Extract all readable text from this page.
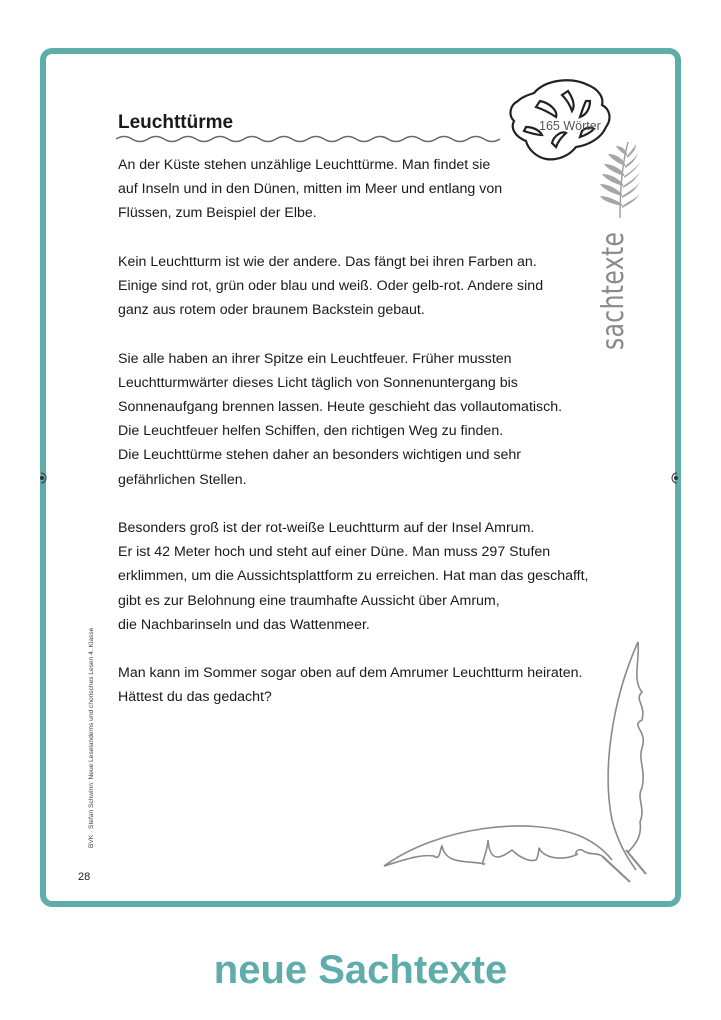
Leuchttürme	165 Wörter
sachtexte

An der Küste stehen unzählige Leuchttürme. Man findet sie
auf Inseln und in den Dünen, mitten im Meer und entlang von
Flüssen, zum Beispiel der Elbe.

Kein Leuchtturm ist wie der andere. Das fängt bei ihren Farben an.
Einige sind rot, grün oder blau und weiß. Oder gelb-rot. Andere sind
ganz aus rotem oder braunem Backstein gebaut.

Sie alle haben an ihrer Spitze ein Leuchtfeuer. Früher mussten
Leuchtturmwärter dieses Licht täglich von Sonnenuntergang bis
Sonnenaufgang brennen lassen. Heute geschieht das vollautomatisch.
Die Leuchtfeuer helfen Schiffen, den richtigen Weg zu finden.
Die Leuchttürme stehen daher an besonders wichtigen und sehr
gefährlichen Stellen.

Besonders groß ist der rot-weiße Leuchtturm auf der Insel Amrum.
Er ist 42 Meter hoch und steht auf einer Düne. Man muss 297 Stufen
erklimmen, um die Aussichtsplattform zu erreichen. Hat man das geschafft,
gibt es zur Belohnung eine traumhafte Aussicht über Amrum,
die Nachbarinseln und das Wattenmeer.

Man kann im Sommer sogar oben auf dem Amrumer Leuchtturm heiraten.
Hättest du das gedacht?

BVK · Stefan Schwinn: Neue Leselandems und chorisches Lesen 4. Klasse
28
neue Sachtexte
